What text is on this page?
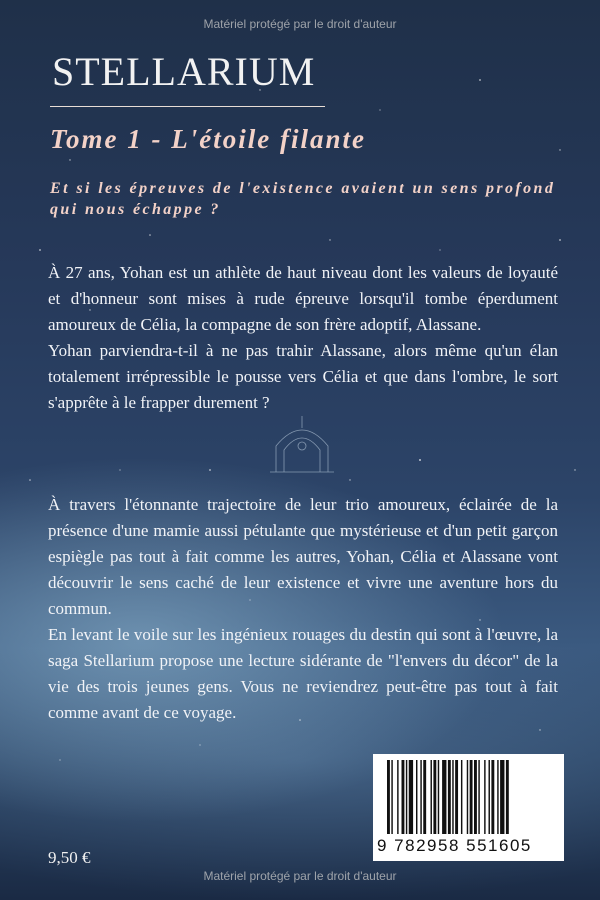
Matériel protégé par le droit d'auteur
STELLARIUM
Tome 1 - L'étoile filante
Et si les épreuves de l'existence avaient un sens profond qui nous échappe ?

À 27 ans, Yohan est un athlète de haut niveau dont les valeurs de loyauté et d'honneur sont mises à rude épreuve lorsqu'il tombe éperdument amoureux de Célia, la compagne de son frère adoptif, Alassane.

Yohan parviendra-t-il à ne pas trahir Alassane, alors même qu'un élan totalement irrépressible le pousse vers Célia et que dans l'ombre, le sort s'apprête à le frapper durement ?

À travers l'étonnante trajectoire de leur trio amoureux, éclairée de la présence d'une mamie aussi pétulante que mystérieuse et d'un petit garçon espiègle pas tout à fait comme les autres, Yohan, Célia et Alassane vont découvrir le sens caché de leur existence et vivre une aventure hors du commun.

En levant le voile sur les ingénieux rouages du destin qui sont à l'œuvre, la saga Stellarium propose une lecture sidérante de "l'envers du décor" de la vie des trois jeunes gens. Vous ne reviendrez peut-être pas tout à fait comme avant de ce voyage.

9 782958 551605
9,50 €
Matériel protégé par le droit d'auteur
